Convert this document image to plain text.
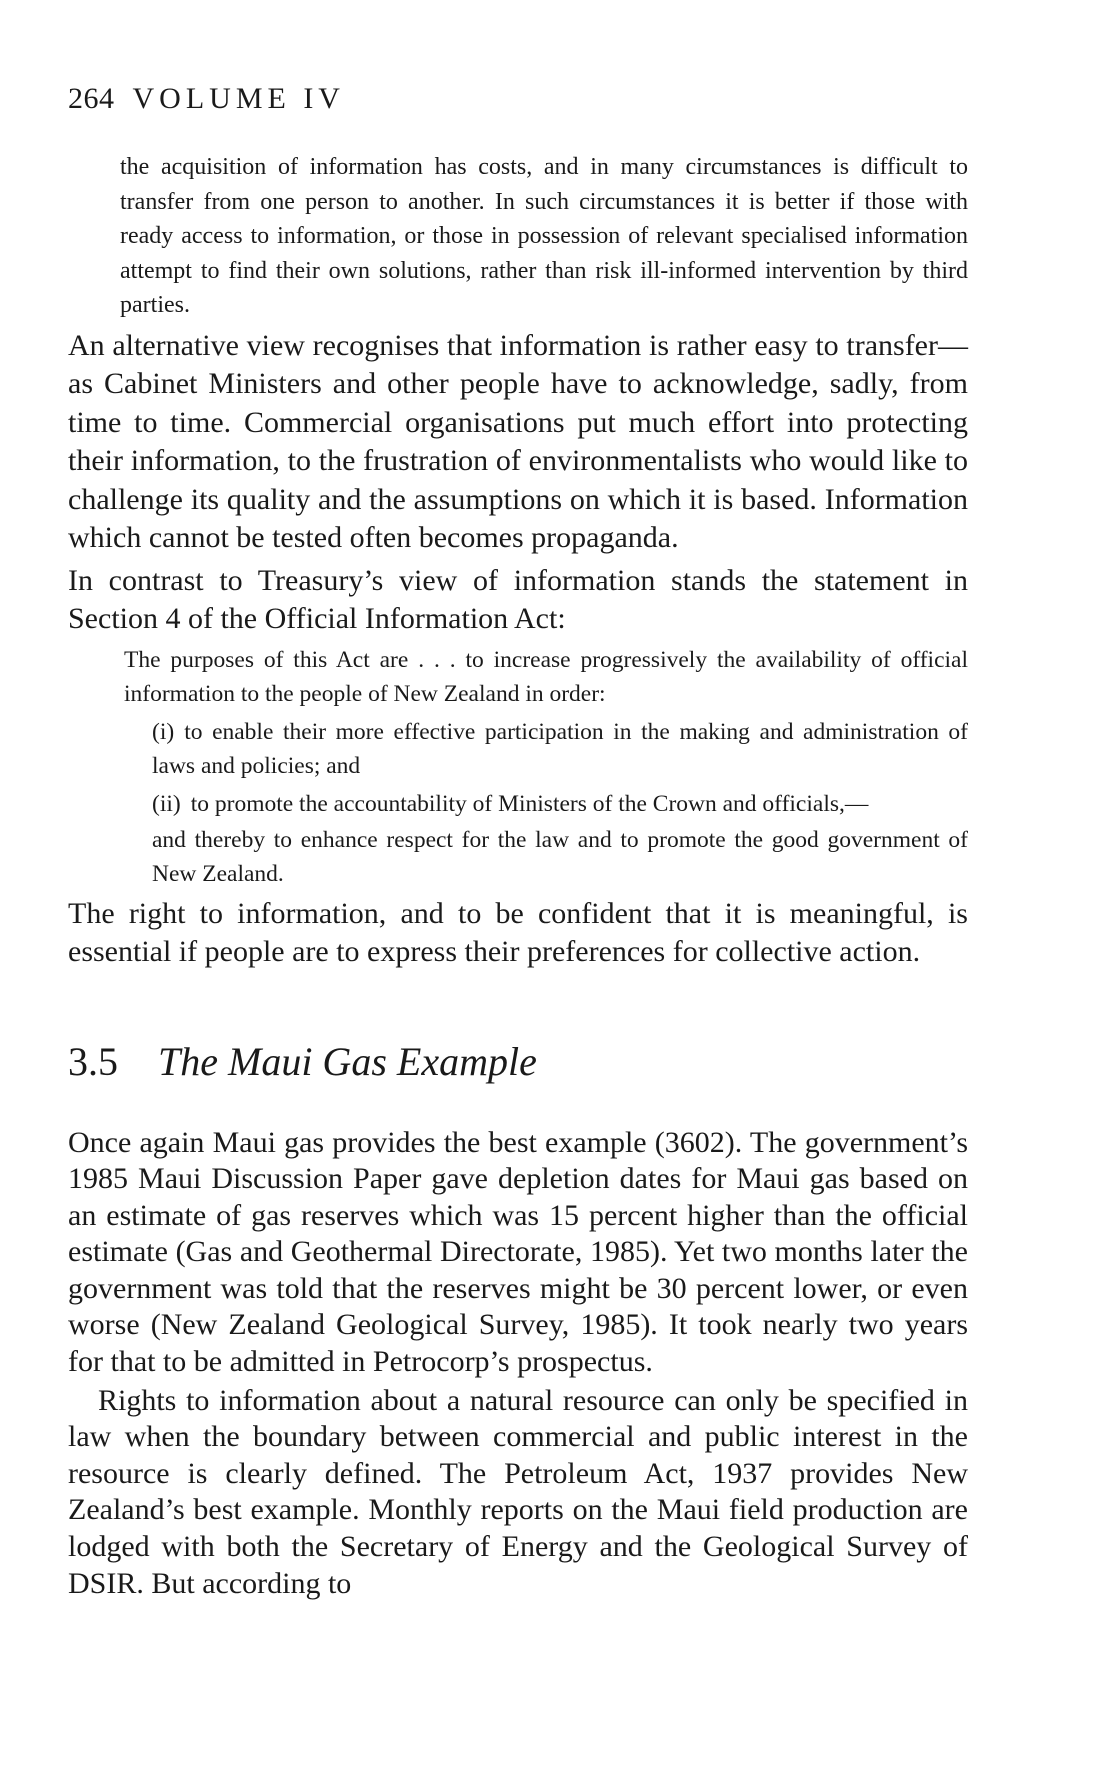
264 VOLUME IV
the acquisition of information has costs, and in many circumstances is difficult to transfer from one person to another. In such circumstances it is better if those with ready access to information, or those in possession of relevant specialised information attempt to find their own solutions, rather than risk ill-informed intervention by third parties.

An alternative view recognises that information is rather easy to transfer—as Cabinet Ministers and other people have to acknowledge, sadly, from time to time. Commercial organisations put much effort into protecting their information, to the frustration of environmentalists who would like to challenge its quality and the assumptions on which it is based. Information which cannot be tested often becomes propaganda.

In contrast to Treasury’s view of information stands the statement in Section 4 of the Official Information Act:

The purposes of this Act are . . . to increase progressively the availability of official information to the people of New Zealand in order:
(i) to enable their more effective participation in the making and administration of laws and policies; and
(ii) to promote the accountability of Ministers of the Crown and officials,—
and thereby to enhance respect for the law and to promote the good government of New Zealand.

The right to information, and to be confident that it is meaningful, is essential if people are to express their preferences for collective action.

3.5 The Maui Gas Example

Once again Maui gas provides the best example (3602). The government’s 1985 Maui Discussion Paper gave depletion dates for Maui gas based on an estimate of gas reserves which was 15 percent higher than the official estimate (Gas and Geothermal Directorate, 1985). Yet two months later the government was told that the reserves might be 30 percent lower, or even worse (New Zealand Geological Survey, 1985). It took nearly two years for that to be admitted in Petrocorp’s prospectus.

Rights to information about a natural resource can only be specified in law when the boundary between commercial and public interest in the resource is clearly defined. The Petroleum Act, 1937 provides New Zealand’s best example. Monthly reports on the Maui field production are lodged with both the Secretary of Energy and the Geological Survey of DSIR. But according to
